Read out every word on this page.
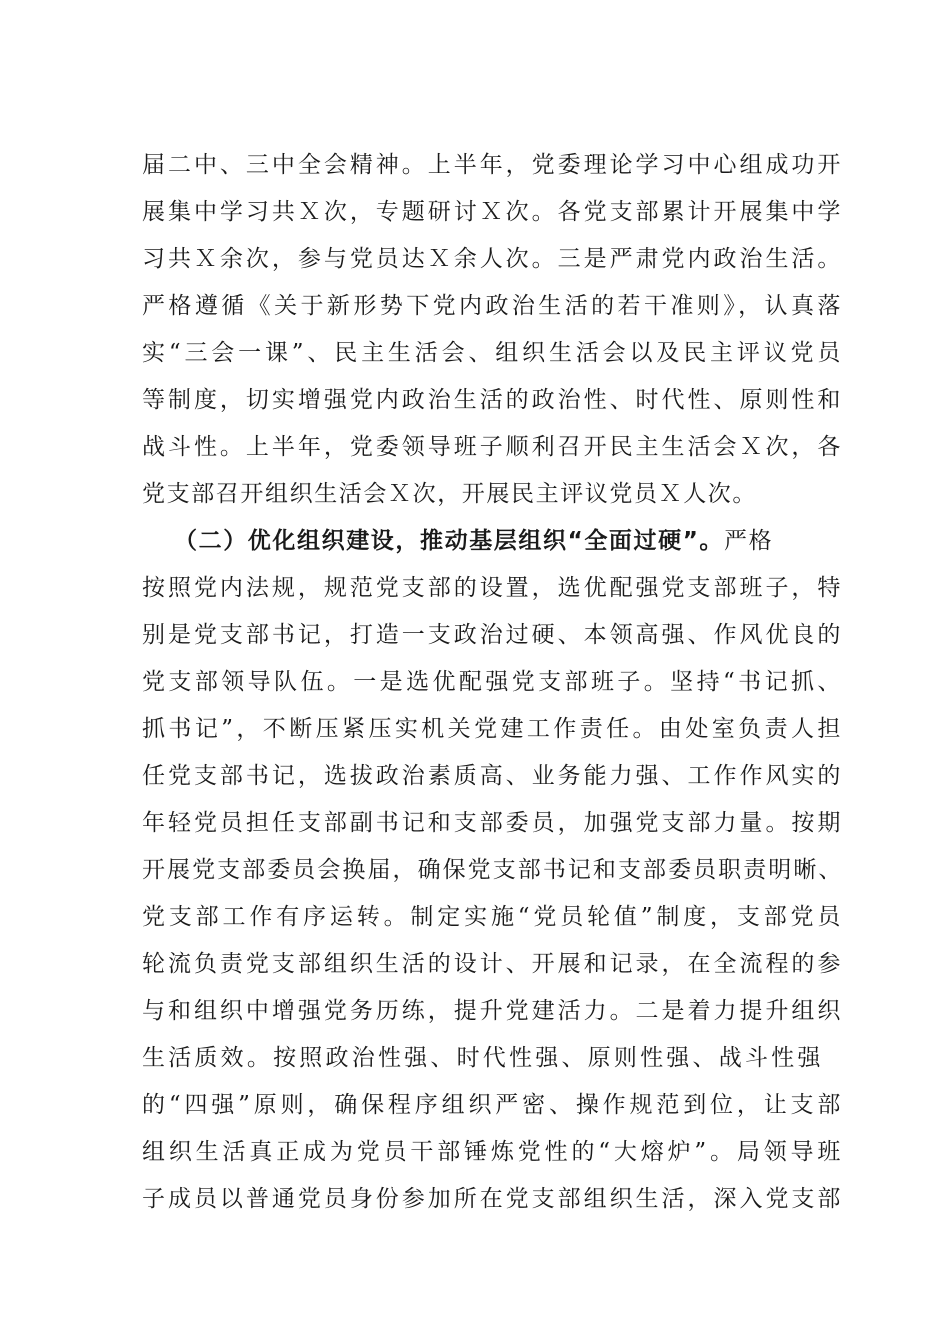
届二中、三中全会精神。上半年，党委理论学习中心组成功开
展集中学习共Ｘ次，专题研讨Ｘ次。各党支部累计开展集中学
习共Ｘ余次，参与党员达Ｘ余人次。三是严肃党内政治生活。
严格遵循《关于新形势下党内政治生活的若干准则》，认真落
实“三会一课”、民主生活会、组织生活会以及民主评议党员
等制度，切实增强党内政治生活的政治性、时代性、原则性和
战斗性。上半年，党委领导班子顺利召开民主生活会Ｘ次，各
党支部召开组织生活会Ｘ次，开展民主评议党员Ｘ人次。
（二）优化组织建设，推动基层组织“全面过硬”。严格
按照党内法规，规范党支部的设置，选优配强党支部班子，特
别是党支部书记，打造一支政治过硬、本领高强、作风优良的
党支部领导队伍。一是选优配强党支部班子。坚持“书记抓、
抓书记”，不断压紧压实机关党建工作责任。由处室负责人担
任党支部书记，选拔政治素质高、业务能力强、工作作风实的
年轻党员担任支部副书记和支部委员，加强党支部力量。按期
开展党支部委员会换届，确保党支部书记和支部委员职责明晰、
党支部工作有序运转。制定实施“党员轮值”制度，支部党员
轮流负责党支部组织生活的设计、开展和记录，在全流程的参
与和组织中增强党务历练，提升党建活力。二是着力提升组织
生活质效。按照政治性强、时代性强、原则性强、战斗性强
的“四强”原则，确保程序组织严密、操作规范到位，让支部
组织生活真正成为党员干部锤炼党性的“大熔炉”。局领导班
子成员以普通党员身份参加所在党支部组织生活，深入党支部
